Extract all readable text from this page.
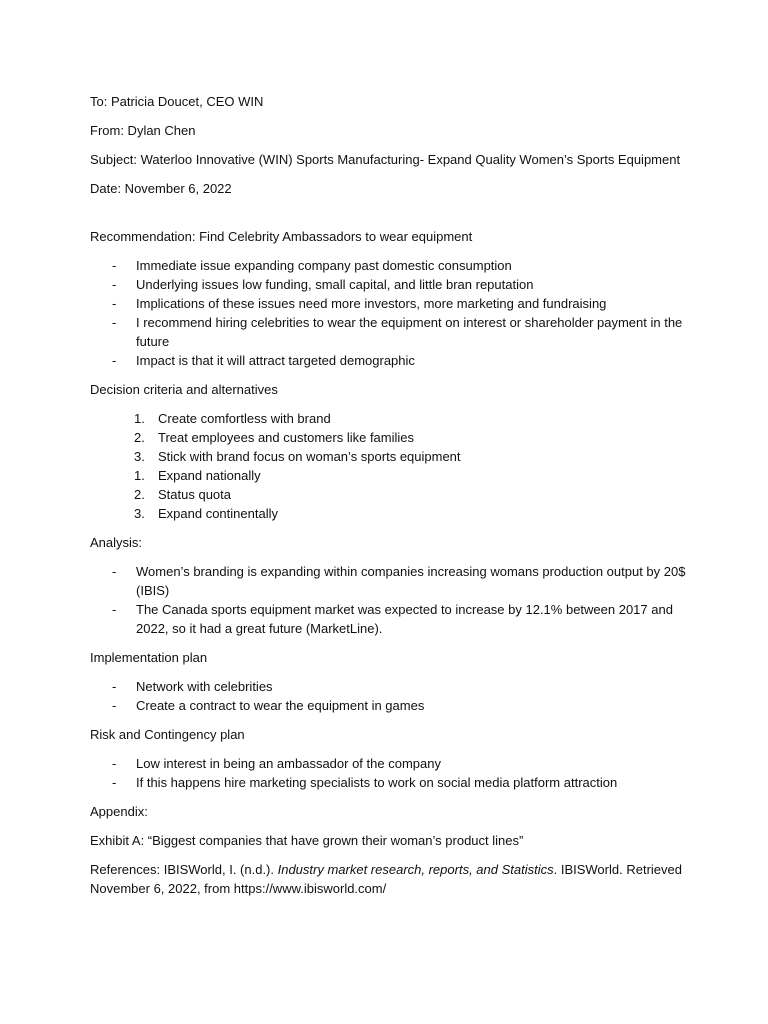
To: Patricia Doucet, CEO WIN

From: Dylan Chen

Subject: Waterloo Innovative (WIN) Sports Manufacturing- Expand Quality Women’s Sports Equipment

Date: November 6, 2022

Recommendation: Find Celebrity Ambassadors to wear equipment

- Immediate issue expanding company past domestic consumption
- Underlying issues low funding, small capital, and little bran reputation
- Implications of these issues need more investors, more marketing and fundraising
- I recommend hiring celebrities to wear the equipment on interest or shareholder payment in the future
- Impact is that it will attract targeted demographic

Decision criteria and alternatives

1. Create comfortless with brand
2. Treat employees and customers like families
3. Stick with brand focus on woman’s sports equipment
1. Expand nationally
2. Status quota
3. Expand continentally

Analysis:

- Women’s branding is expanding within companies increasing womans production output by 20$ (IBIS)
- The Canada sports equipment market was expected to increase by 12.1% between 2017 and 2022, so it had a great future (MarketLine).

Implementation plan

- Network with celebrities
- Create a contract to wear the equipment in games

Risk and Contingency plan

- Low interest in being an ambassador of the company
- If this happens hire marketing specialists to work on social media platform attraction

Appendix:

Exhibit A: “Biggest companies that have grown their woman’s product lines”

References: IBISWorld, I. (n.d.). Industry market research, reports, and Statistics. IBISWorld. Retrieved November 6, 2022, from https://www.ibisworld.com/
